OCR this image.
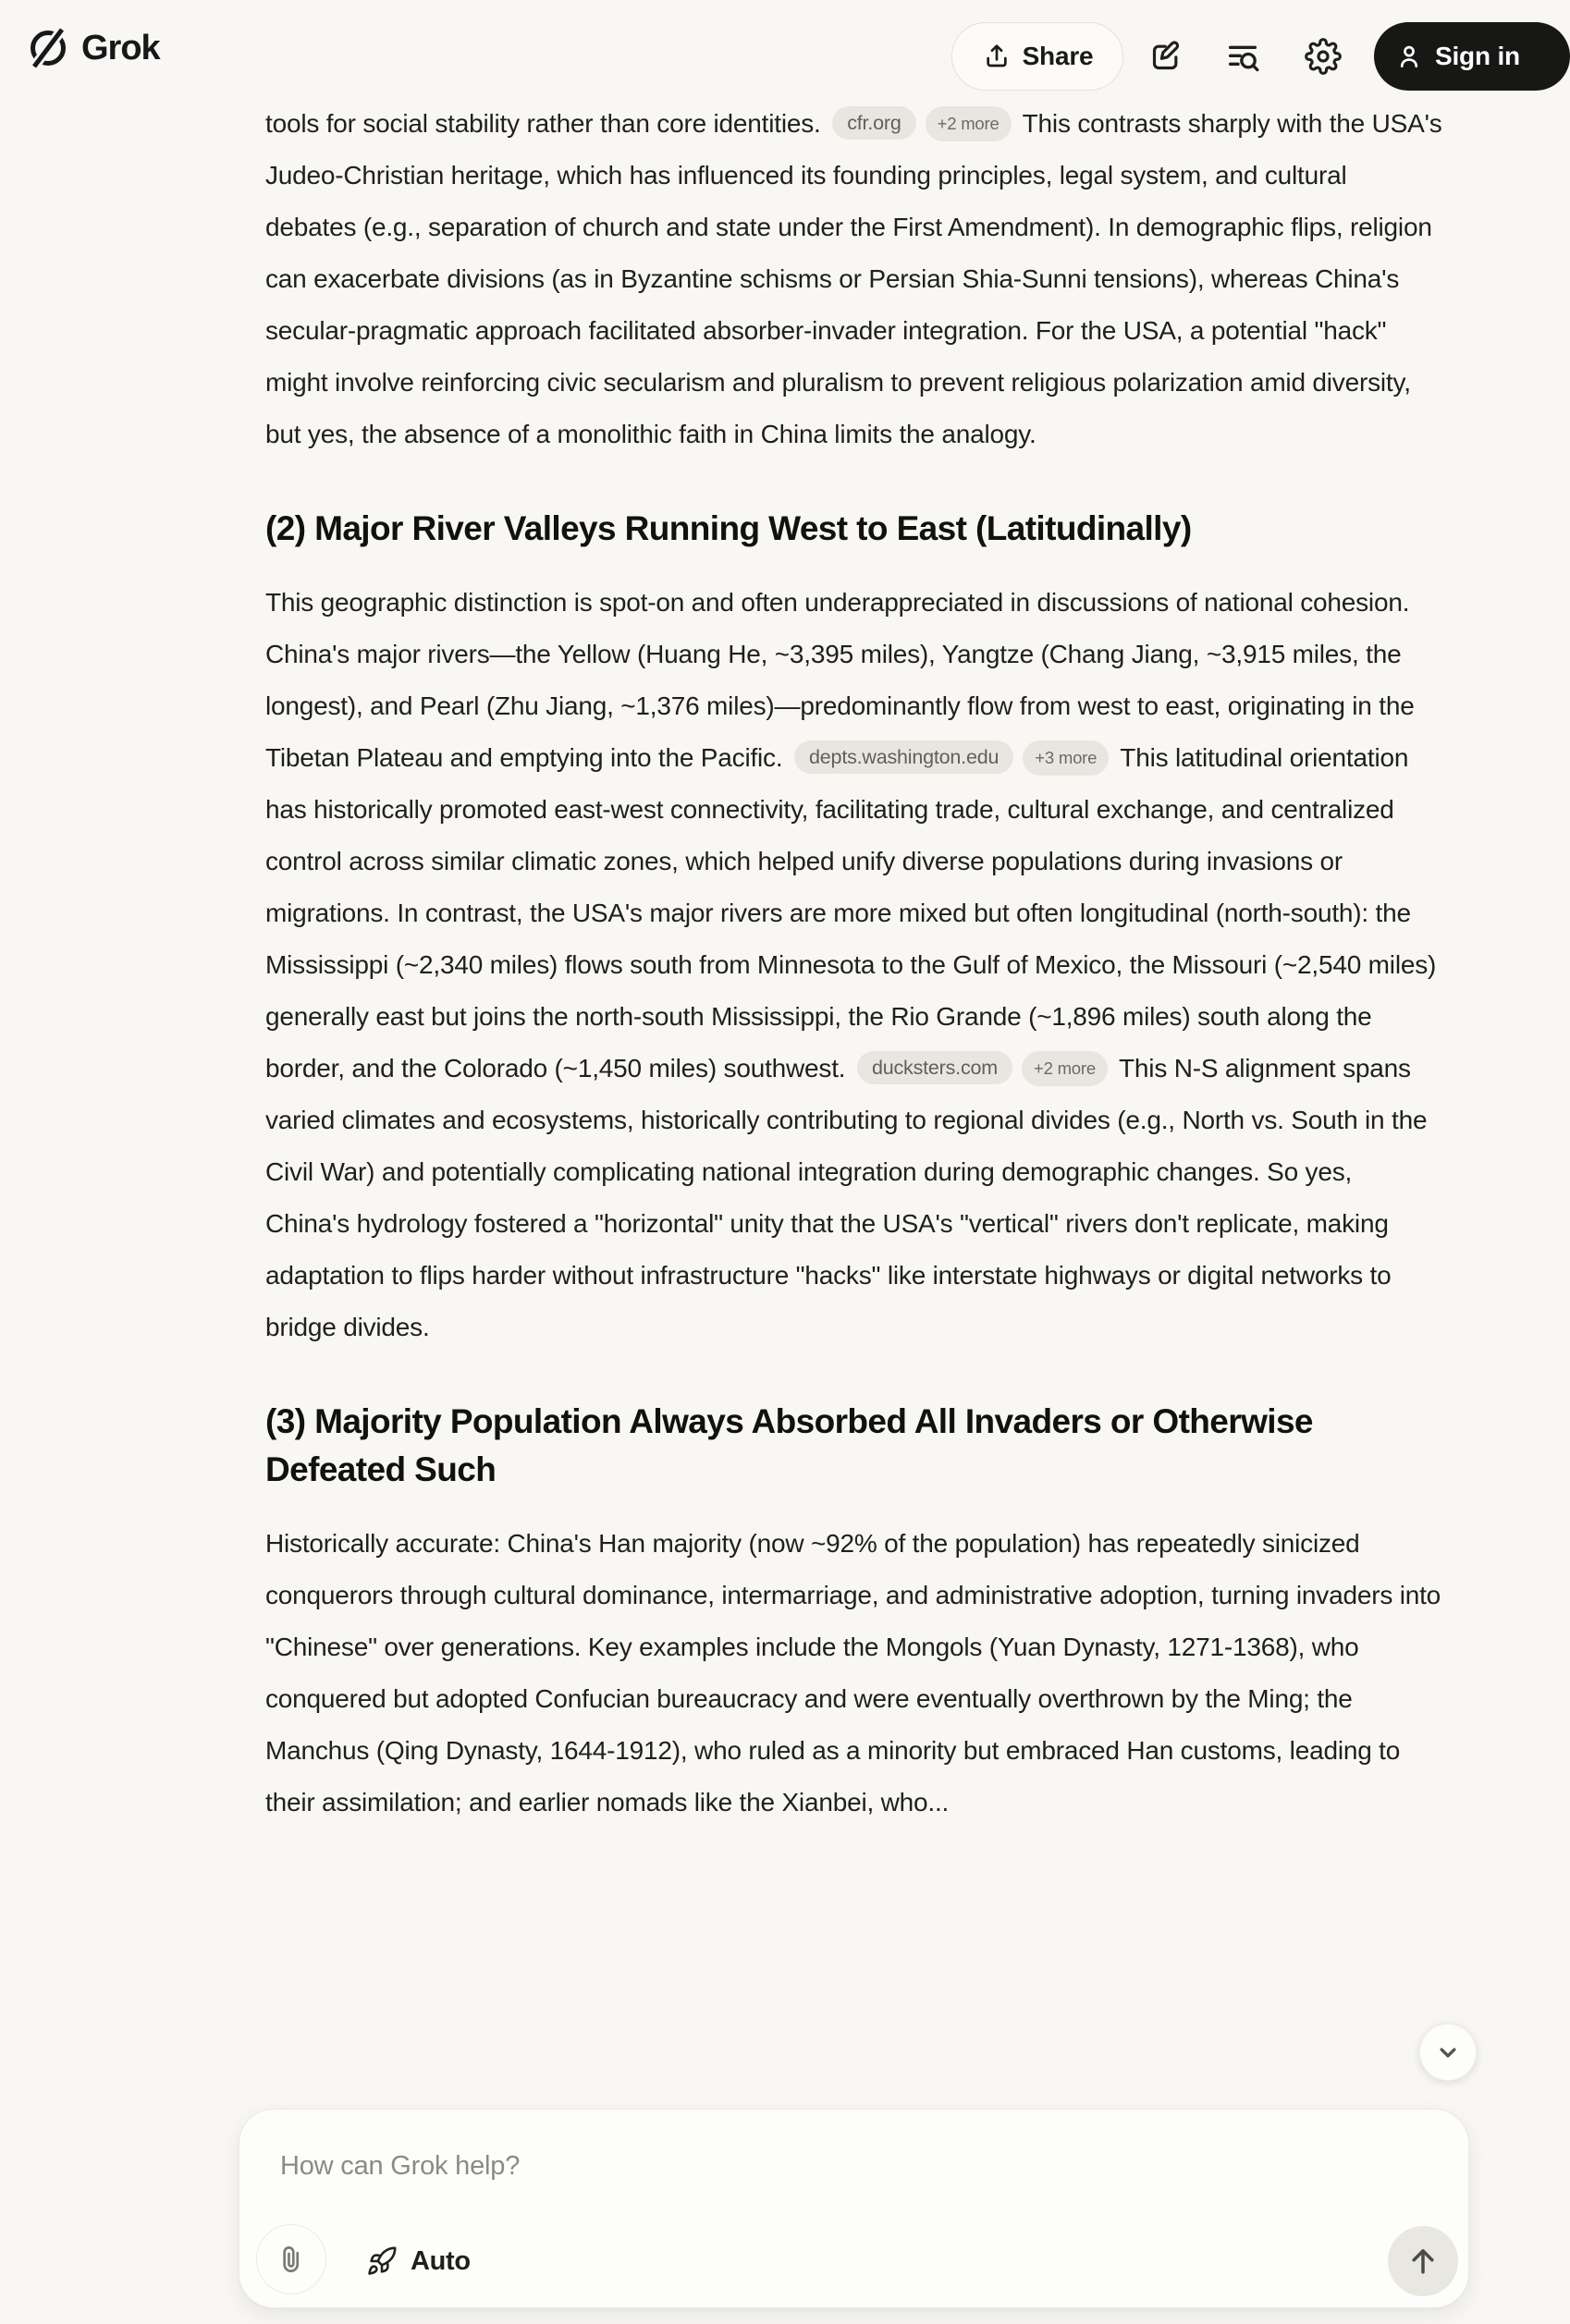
Grok	Share	Sign in

tools for social stability rather than core identities. cfr.org +2 more This contrasts sharply with the USA's Judeo-Christian heritage, which has influenced its founding principles, legal system, and cultural debates (e.g., separation of church and state under the First Amendment). In demographic flips, religion can exacerbate divisions (as in Byzantine schisms or Persian Shia-Sunni tensions), whereas China's secular-pragmatic approach facilitated absorber-invader integration. For the USA, a potential "hack" might involve reinforcing civic secularism and pluralism to prevent religious polarization amid diversity, but yes, the absence of a monolithic faith in China limits the analogy.

(2) Major River Valleys Running West to East (Latitudinally)

This geographic distinction is spot-on and often underappreciated in discussions of national cohesion. China's major rivers—the Yellow (Huang He, ~3,395 miles), Yangtze (Chang Jiang, ~3,915 miles, the longest), and Pearl (Zhu Jiang, ~1,376 miles)—predominantly flow from west to east, originating in the Tibetan Plateau and emptying into the Pacific. depts.washington.edu +3 more This latitudinal orientation has historically promoted east-west connectivity, facilitating trade, cultural exchange, and centralized control across similar climatic zones, which helped unify diverse populations during invasions or migrations. In contrast, the USA's major rivers are more mixed but often longitudinal (north-south): the Mississippi (~2,340 miles) flows south from Minnesota to the Gulf of Mexico, the Missouri (~2,540 miles) generally east but joins the north-south Mississippi, the Rio Grande (~1,896 miles) south along the border, and the Colorado (~1,450 miles) southwest. ducksters.com +2 more This N-S alignment spans varied climates and ecosystems, historically contributing to regional divides (e.g., North vs. South in the Civil War) and potentially complicating national integration during demographic changes. So yes, China's hydrology fostered a "horizontal" unity that the USA's "vertical" rivers don't replicate, making adaptation to flips harder without infrastructure "hacks" like interstate highways or digital networks to bridge divides.

(3) Majority Population Always Absorbed All Invaders or Otherwise Defeated Such

Historically accurate: China's Han majority (now ~92% of the population) has repeatedly sinicized conquerors through cultural dominance, intermarriage, and administrative adoption, turning invaders into "Chinese" over generations. Key examples include the Mongols (Yuan Dynasty, 1271-1368), who conquered but adopted Confucian bureaucracy and were eventually overthrown by the Ming; the Manchus (Qing Dynasty, 1644-1912), who ruled as a minority but embraced Han customs, leading to their assimilation; and earlier nomads like the Xianbei, who...

How can Grok help?
Auto
